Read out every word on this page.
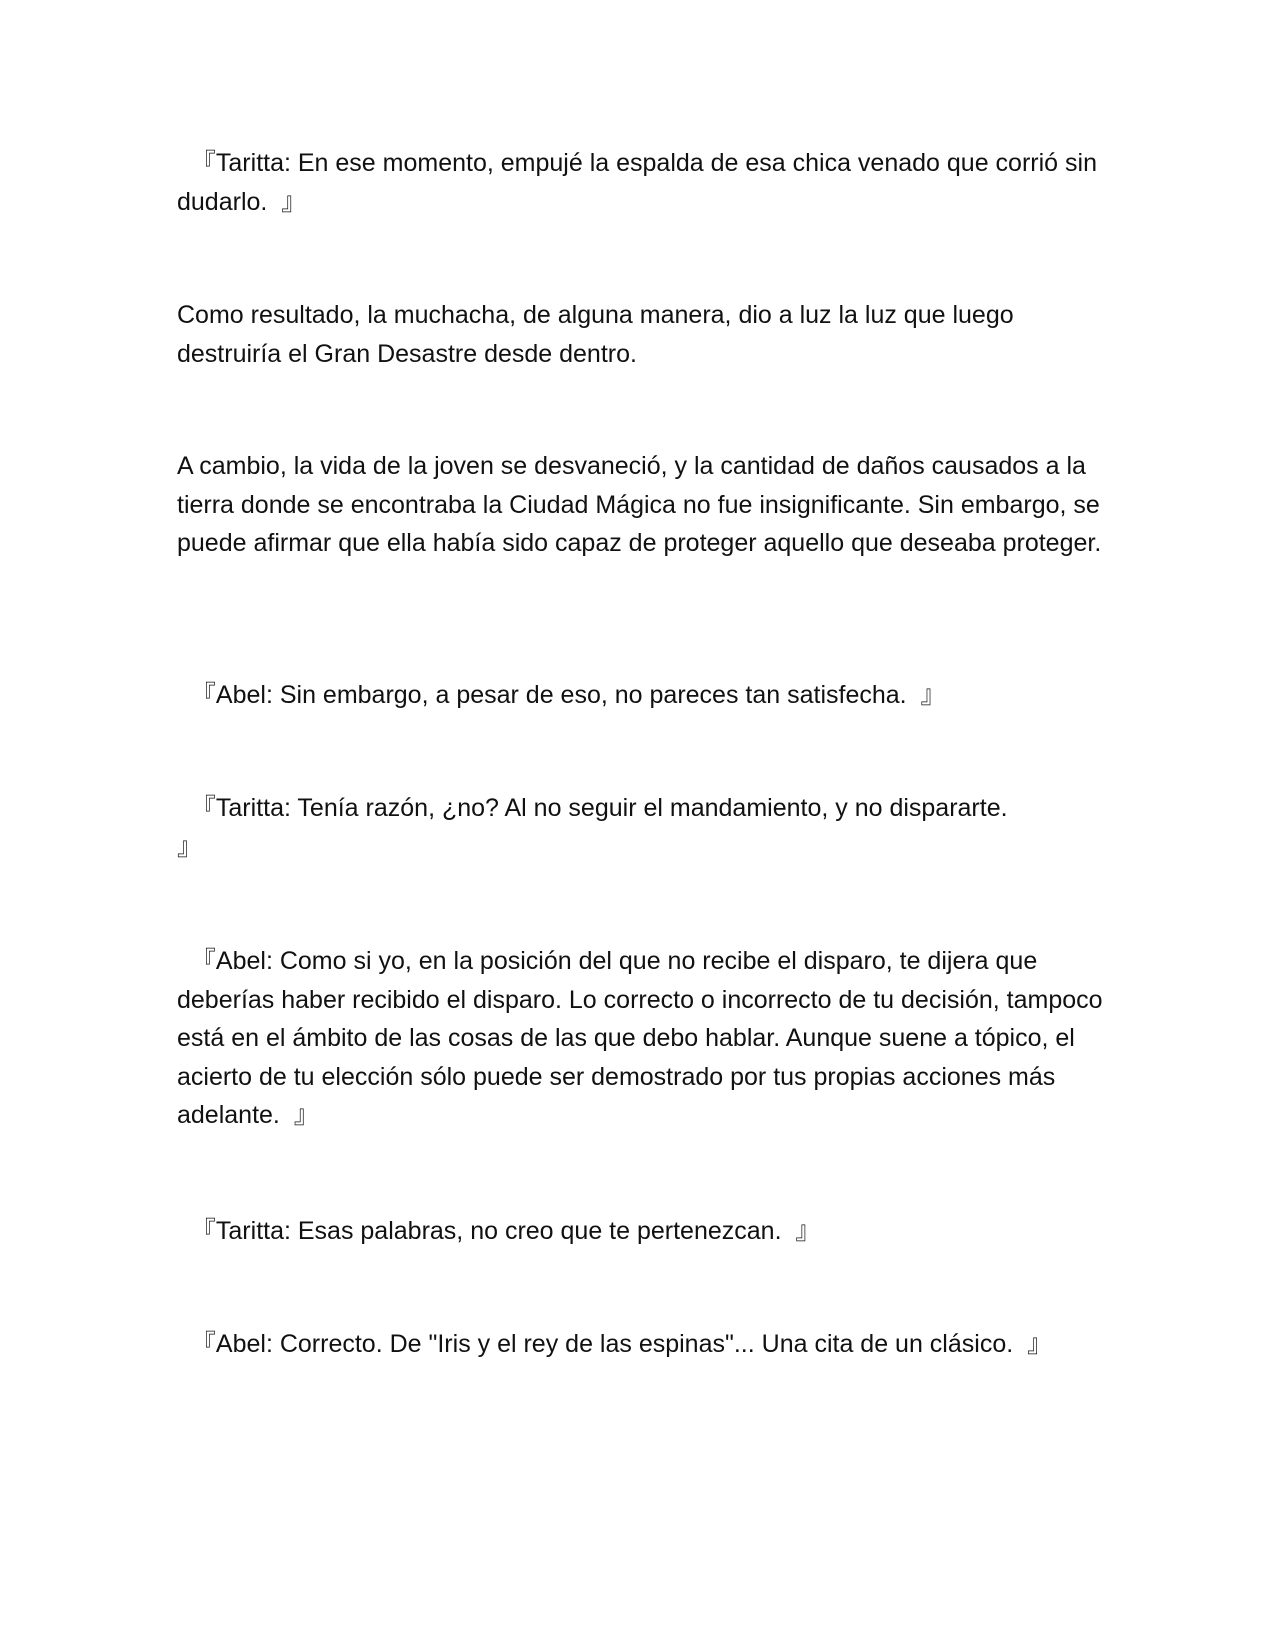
『Taritta: En ese momento, empujé la espalda de esa chica venado que corrió sin dudarlo.  』

Como resultado, la muchacha, de alguna manera, dio a luz la luz que luego destruiría el Gran Desastre desde dentro.

A cambio, la vida de la joven se desvaneció, y la cantidad de daños causados a la tierra donde se encontraba la Ciudad Mágica no fue insignificante. Sin embargo, se puede afirmar que ella había sido capaz de proteger aquello que deseaba proteger.

『Abel: Sin embargo, a pesar de eso, no pareces tan satisfecha.  』

『Taritta: Tenía razón, ¿no? Al no seguir el mandamiento, y no dispararte.
』

『Abel: Como si yo, en la posición del que no recibe el disparo, te dijera que deberías haber recibido el disparo. Lo correcto o incorrecto de tu decisión, tampoco está en el ámbito de las cosas de las que debo hablar. Aunque suene a tópico, el acierto de tu elección sólo puede ser demostrado por tus propias acciones más adelante.  』

『Taritta: Esas palabras, no creo que te pertenezcan.  』

『Abel: Correcto. De "Iris y el rey de las espinas"... Una cita de un clásico.  』
